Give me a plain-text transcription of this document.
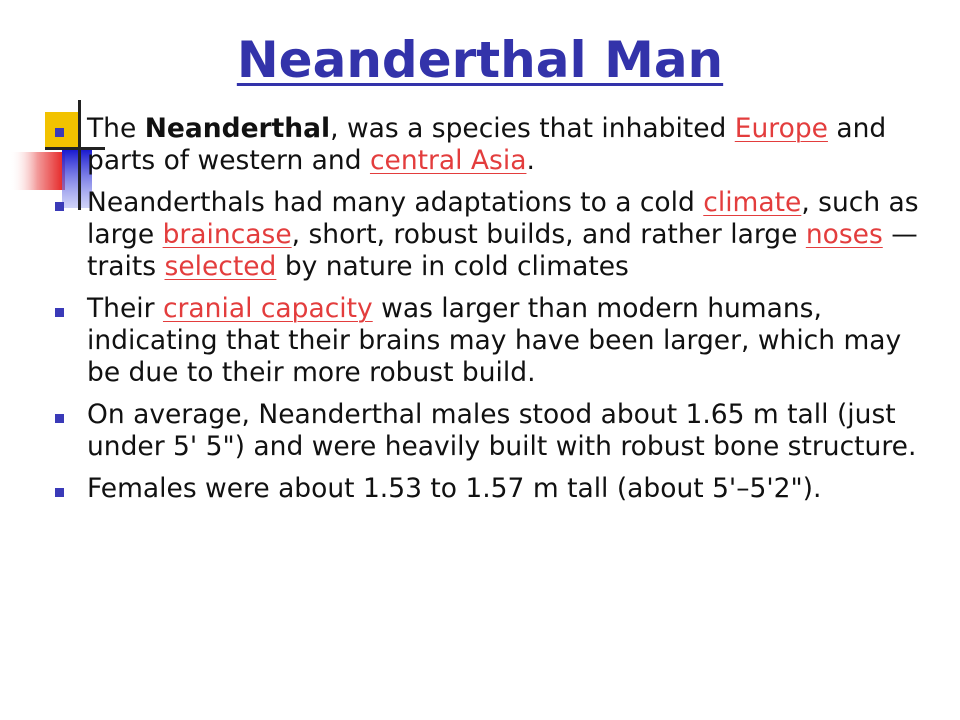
Neanderthal Man
The Neanderthal, was a species that inhabited Europe and parts of western and central Asia.
Neanderthals had many adaptations to a cold climate, such as large braincase, short, robust builds, and rather large noses — traits selected by nature in cold climates
Their cranial capacity was larger than modern humans, indicating that their brains may have been larger, which may be due to their more robust build.
On average, Neanderthal males stood about 1.65 m tall (just under 5' 5") and were heavily built with robust bone structure.
Females were about 1.53 to 1.57 m tall (about 5'–5'2").
